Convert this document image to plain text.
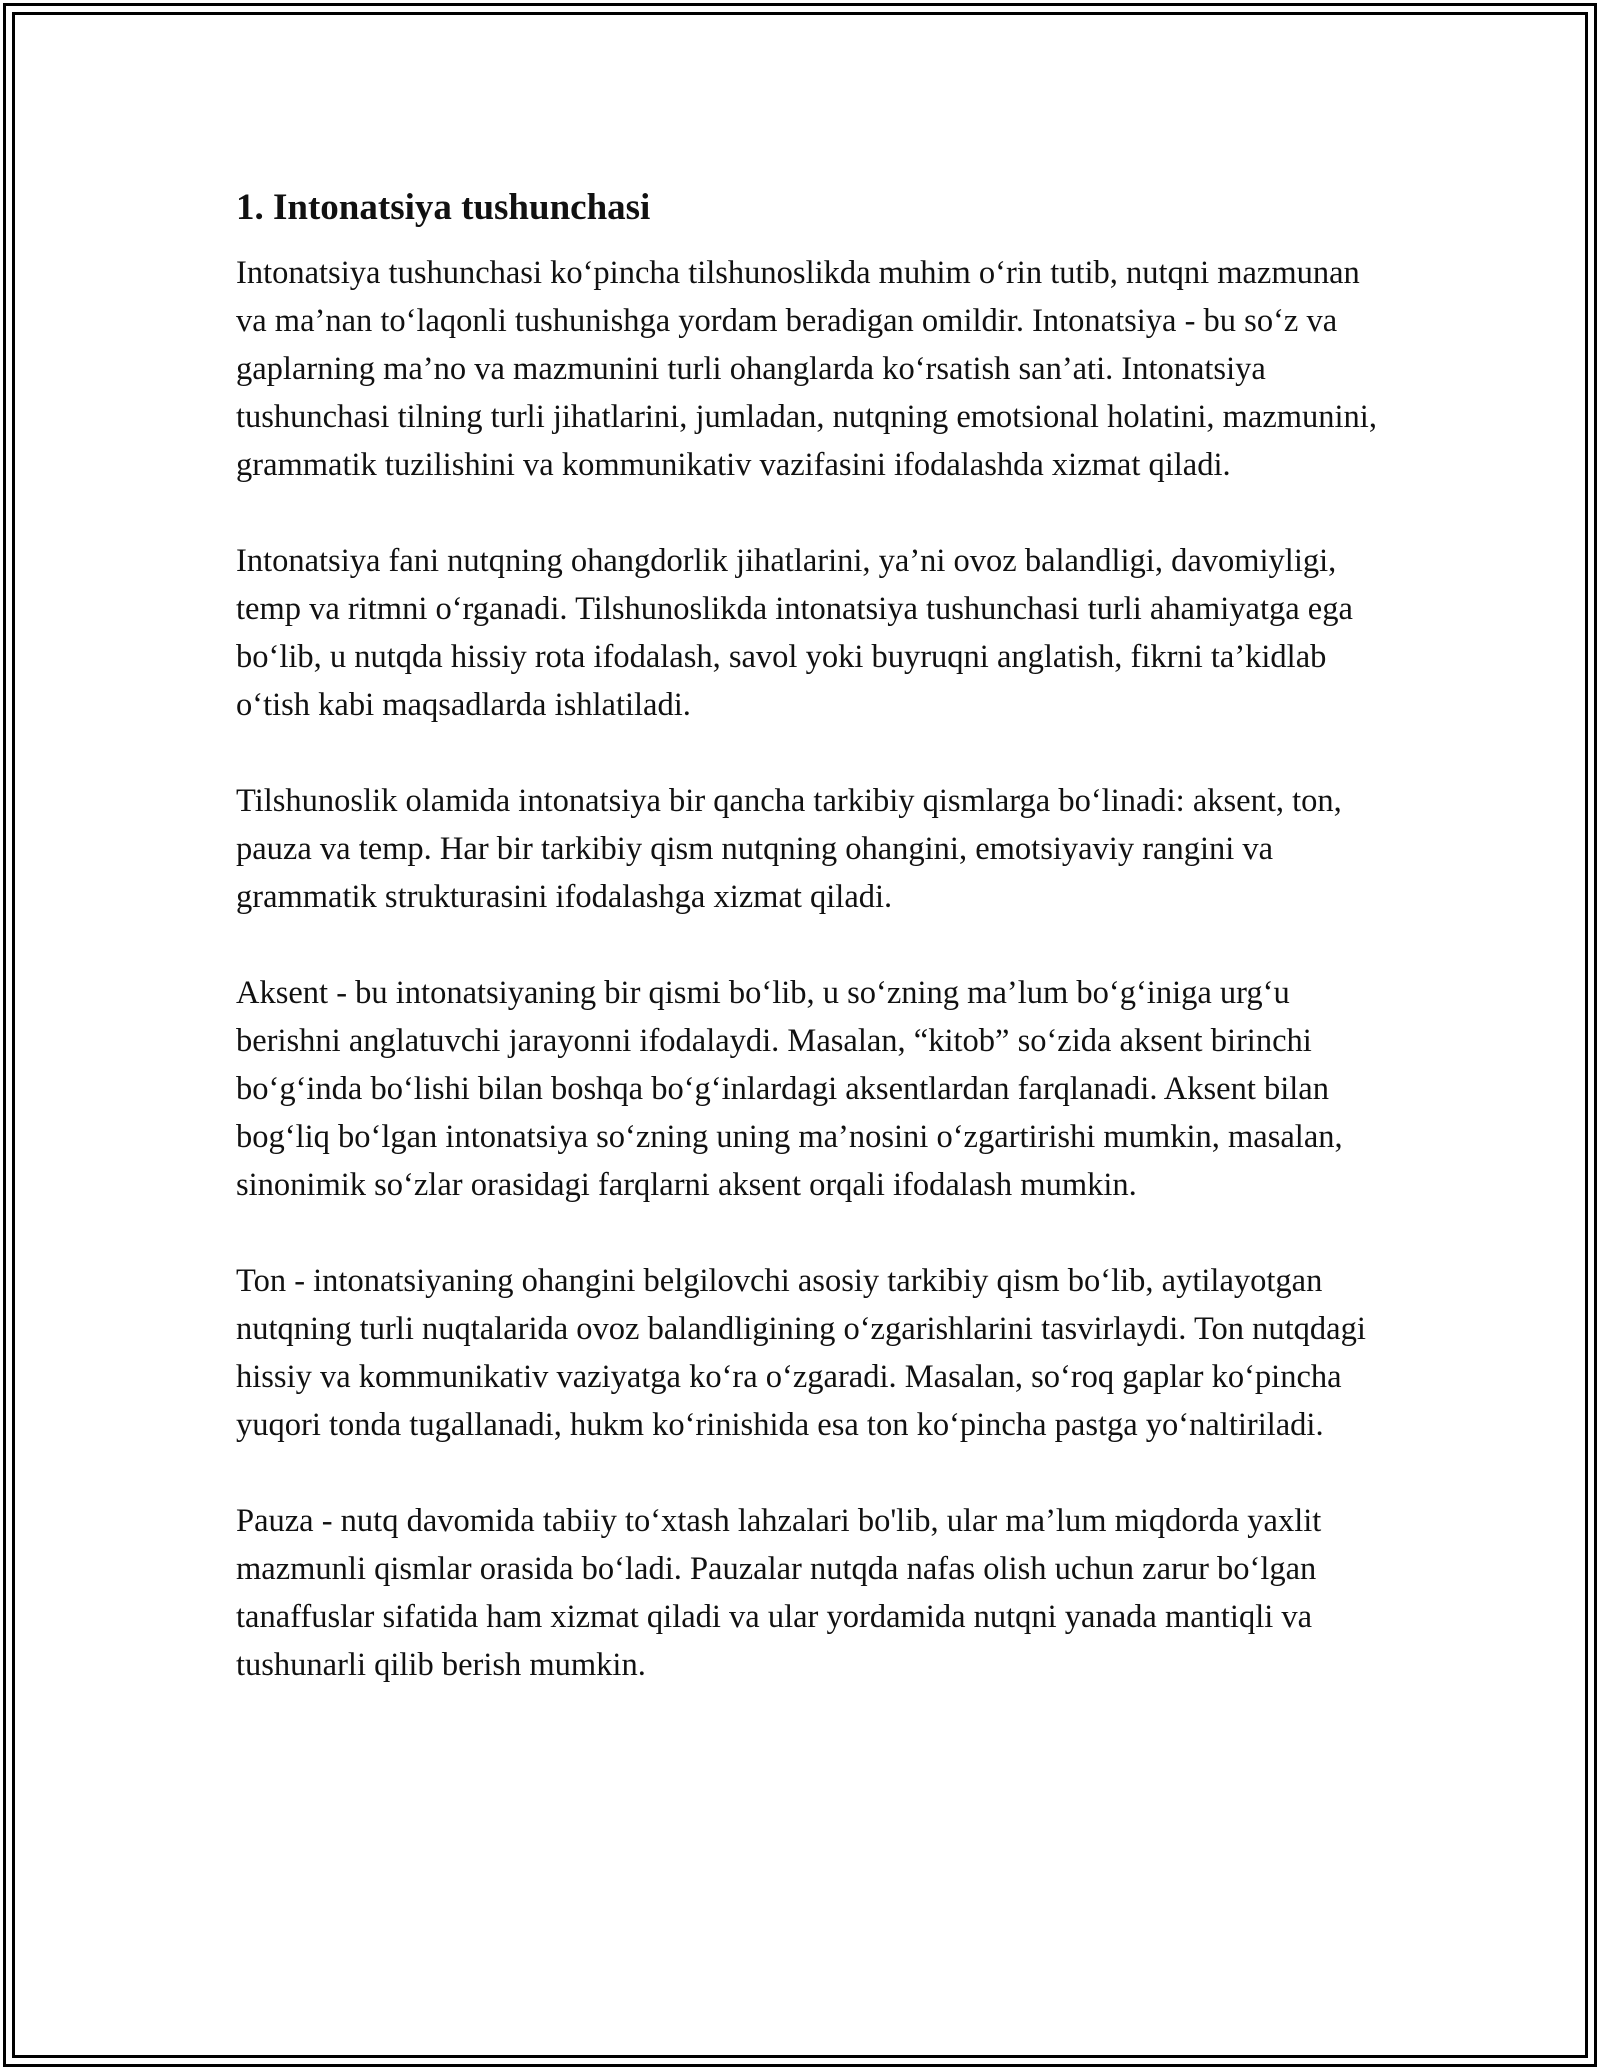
1. Intonatsiya tushunchasi

Intonatsiya tushunchasi ko‘pincha tilshunoslikda muhim o‘rin tutib, nutqni mazmunan va ma’nan to‘laqonli tushunishga yordam beradigan omildir. Intonatsiya - bu so‘z va gaplarning ma’no va mazmunini turli ohanglarda ko‘rsatish san’ati. Intonatsiya tushunchasi tilning turli jihatlarini, jumladan, nutqning emotsional holatini, mazmunini, grammatik tuzilishini va kommunikativ vazifasini ifodalashda xizmat qiladi.

Intonatsiya fani nutqning ohangdorlik jihatlarini, ya’ni ovoz balandligi, davomiyligi, temp va ritmni o‘rganadi. Tilshunoslikda intonatsiya tushunchasi turli ahamiyatga ega bo‘lib, u nutqda hissiy rota ifodalash, savol yoki buyruqni anglatish, fikrni ta’kidlab o‘tish kabi maqsadlarda ishlatiladi.

Tilshunoslik olamida intonatsiya bir qancha tarkibiy qismlarga bo‘linadi: aksent, ton, pauza va temp. Har bir tarkibiy qism nutqning ohangini, emotsiyaviy rangini va grammatik strukturasini ifodalashga xizmat qiladi.

Aksent - bu intonatsiyaning bir qismi bo‘lib, u so‘zning ma’lum bo‘g‘iniga urg‘u berishni anglatuvchi jarayonni ifodalaydi. Masalan, “kitob” so‘zida aksent birinchi bo‘g‘inda bo‘lishi bilan boshqa bo‘g‘inlardagi aksentlardan farqlanadi. Aksent bilan bog‘liq bo‘lgan intonatsiya so‘zning uning ma’nosini o‘zgartirishi mumkin, masalan, sinonimik so‘zlar orasidagi farqlarni aksent orqali ifodalash mumkin.

Ton - intonatsiyaning ohangini belgilovchi asosiy tarkibiy qism bo‘lib, aytilayotgan nutqning turli nuqtalarida ovoz balandligining o‘zgarishlarini tasvirlaydi. Ton nutqdagi hissiy va kommunikativ vaziyatga ko‘ra o‘zgaradi. Masalan, so‘roq gaplar ko‘pincha yuqori tonda tugallanadi, hukm ko‘rinishida esa ton ko‘pincha pastga yo‘naltiriladi.

Pauza - nutq davomida tabiiy to‘xtash lahzalari bo'lib, ular ma’lum miqdorda yaxlit mazmunli qismlar orasida bo‘ladi. Pauzalar nutqda nafas olish uchun zarur bo‘lgan tanaffuslar sifatida ham xizmat qiladi va ular yordamida nutqni yanada mantiqli va tushunarli qilib berish mumkin.
